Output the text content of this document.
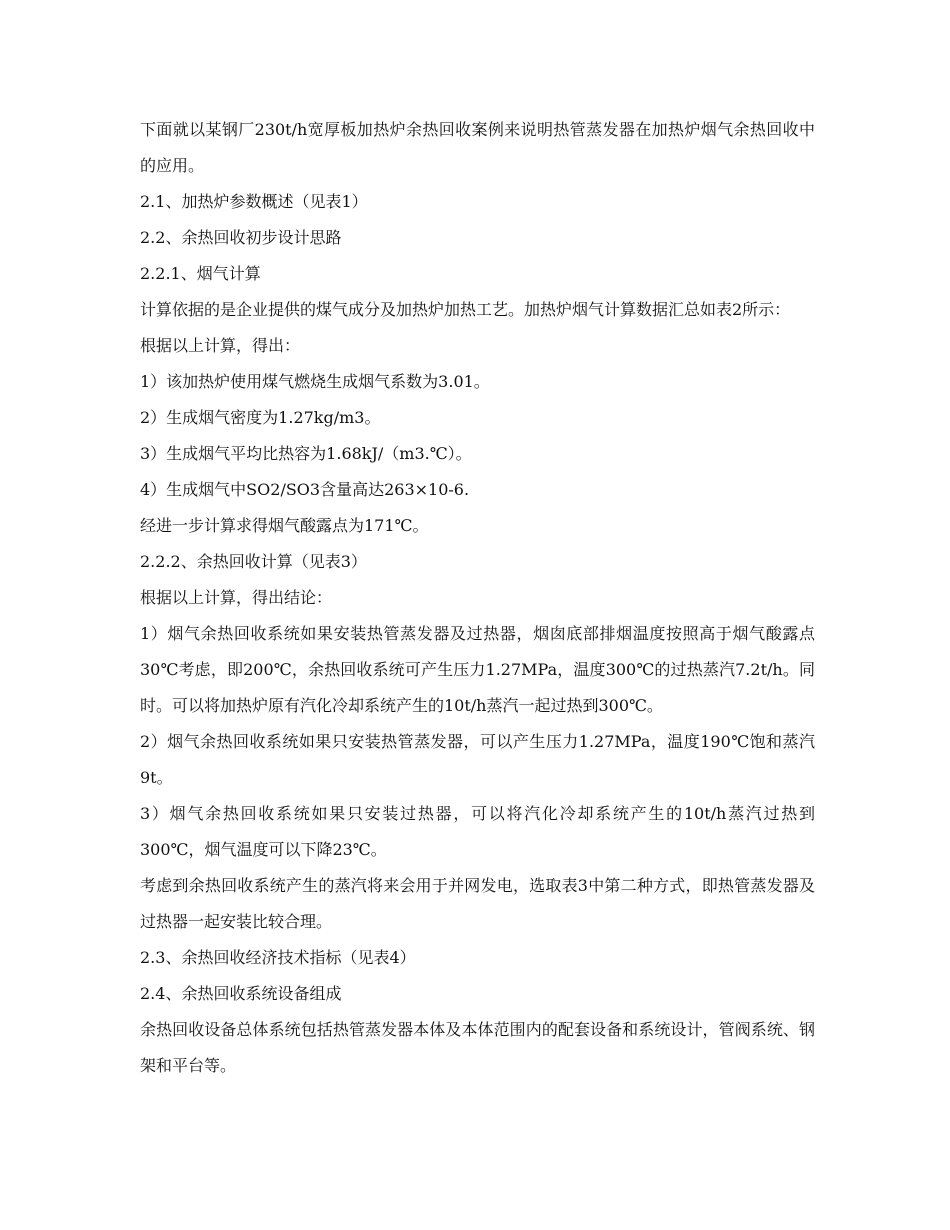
下面就以某钢厂230t/h宽厚板加热炉余热回收案例来说明热管蒸发器在加热炉烟气余热回收中的应用。

2.1、加热炉参数概述（见表1）

2.2、余热回收初步设计思路

2.2.1、烟气计算

计算依据的是企业提供的煤气成分及加热炉加热工艺。加热炉烟气计算数据汇总如表2所示：

根据以上计算，得出：

1）该加热炉使用煤气燃烧生成烟气系数为3.01。

2）生成烟气密度为1.27kg/m3。

3）生成烟气平均比热容为1.68kJ/（m3.℃）。

4）生成烟气中SO2/SO3含量高达263×10-6.

经进一步计算求得烟气酸露点为171℃。

2.2.2、余热回收计算（见表3）

根据以上计算，得出结论：

1）烟气余热回收系统如果安装热管蒸发器及过热器，烟囱底部排烟温度按照高于烟气酸露点30℃考虑，即200℃，余热回收系统可产生压力1.27MPa，温度300℃的过热蒸汽7.2t/h。同时。可以将加热炉原有汽化冷却系统产生的10t/h蒸汽一起过热到300℃。

2）烟气余热回收系统如果只安装热管蒸发器，可以产生压力1.27MPa，温度190℃饱和蒸汽9t。

3）烟气余热回收系统如果只安装过热器，可以将汽化冷却系统产生的10t/h蒸汽过热到300℃，烟气温度可以下降23℃。

考虑到余热回收系统产生的蒸汽将来会用于并网发电，选取表3中第二种方式，即热管蒸发器及过热器一起安装比较合理。

2.3、余热回收经济技术指标（见表4）

2.4、余热回收系统设备组成

余热回收设备总体系统包括热管蒸发器本体及本体范围内的配套设备和系统设计，管阀系统、钢架和平台等。
